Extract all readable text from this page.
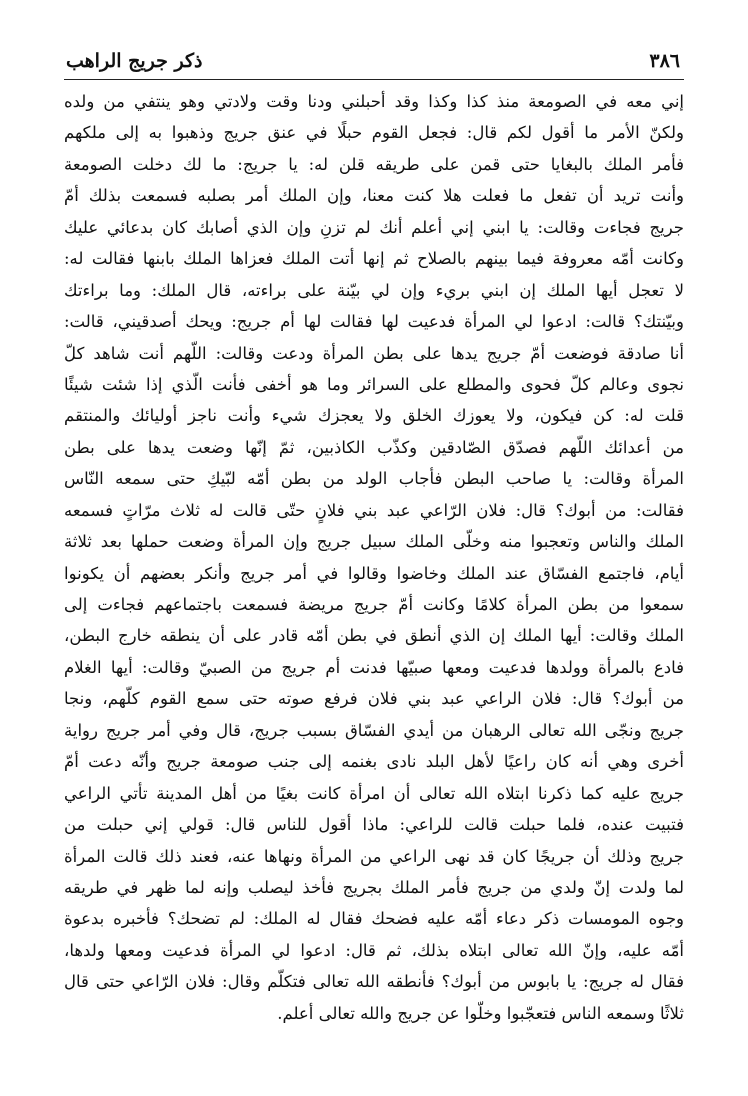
٣٨٦
ذكر جريج الراهب
إني معه في الصومعة منذ كذا وكذا وقد أحبلني ودنا وقت ولادتي وهو ينتفي من ولده
ولكنّ الأمر ما أقول لكم قال: فجعل القوم حبلًا في عنق جريج وذهبوا به إلى ملكهم
فأمر الملك بالبغايا حتى قمن على طريقه قلن له: يا جريج: ما لك دخلت الصومعة
وأنت تريد أن تفعل ما فعلت هلا كنت معنا، وإن الملك أمر بصلبه فسمعت بذلك أمّ
جريج فجاءت وقالت: يا ابني إني أعلم أنك لم تزنِ وإن الذي أصابك كان بدعائي عليك
وكانت أمّه معروفة فيما بينهم بالصلاح ثم إنها أتت الملك فعزاها الملك بابنها فقالت له:
لا تعجل أيها الملك إن ابني بريء وإن لي بيّنة على براءته، قال الملك: وما براءتك
وبيّنتك؟ قالت: ادعوا لي المرأة فدعيت لها فقالت لها أم جريج: ويحك أصدقيني، قالت:
أنا صادقة فوضعت أمّ جريج يدها على بطن المرأة ودعت وقالت: اللّهم أنت شاهد كلّ
نجوى وعالم كلّ فحوى والمطلع على السرائر وما هو أخفى فأنت الّذي إذا شئت شيئًا
قلت له: كن فيكون، ولا يعوزك الخلق ولا يعجزك شيء وأنت ناجز أوليائك والمنتقم
من أعدائك اللّهم فصدّق الصّادقين وكذّب الكاذبين، ثمّ إنّها وضعت يدها على بطن
المرأة وقالت: يا صاحب البطن فأجاب الولد من بطن أمّه لبّيكِ حتى سمعه النّاس
فقالت: من أبوك؟ قال: فلان الرّاعي عبد بني فلانٍ حتّى قالت له ثلاث مرّاتٍ فسمعه
الملك والناس وتعجبوا منه وخلّى الملك سبيل جريج وإن المرأة وضعت حملها بعد ثلاثة
أيام، فاجتمع الفسّاق عند الملك وخاضوا وقالوا في أمر جريج وأنكر بعضهم أن يكونوا
سمعوا من بطن المرأة كلامًا وكانت أمّ جريج مريضة فسمعت باجتماعهم فجاءت إلى
الملك وقالت: أيها الملك إن الذي أنطق في بطن أمّه قادر على أن ينطقه خارج البطن،
فادع بالمرأة وولدها فدعيت ومعها صبيّها فدنت أم جريج من الصبيّ وقالت: أيها الغلام
من أبوك؟ قال: فلان الراعي عبد بني فلان فرفع صوته حتى سمع القوم كلّهم، ونجا
جريج ونجّى الله تعالى الرهبان من أيدي الفسّاق بسبب جريج، قال وفي أمر جريج رواية
أخرى وهي أنه كان راعيًا لأهل البلد نادى بغنمه إلى جنب صومعة جريج وأنّه دعت أمّ
جريج عليه كما ذكرنا ابتلاه الله تعالى أن امرأة كانت بغيًا من أهل المدينة تأتي الراعي
فتبيت عنده، فلما حبلت قالت للراعي: ماذا أقول للناس قال: قولي إني حبلت من
جريج وذلك أن جريجًا كان قد نهى الراعي من المرأة ونهاها عنه، فعند ذلك قالت المرأة
لما ولدت إنّ ولدي من جريج فأمر الملك بجريج فأخذ ليصلب وإنه لما ظهر في طريقه
وجوه المومسات ذكر دعاء أمّه عليه فضحك فقال له الملك: لم تضحك؟ فأخبره بدعوة
أمّه عليه، وإنّ الله تعالى ابتلاه بذلك، ثم قال: ادعوا لي المرأة فدعيت ومعها ولدها،
فقال له جريج: يا بابوس من أبوك؟ فأنطقه الله تعالى فتكلّم وقال: فلان الرّاعي حتى قال
ثلاثًا وسمعه الناس فتعجّبوا وخلّوا عن جريج والله تعالى أعلم.
